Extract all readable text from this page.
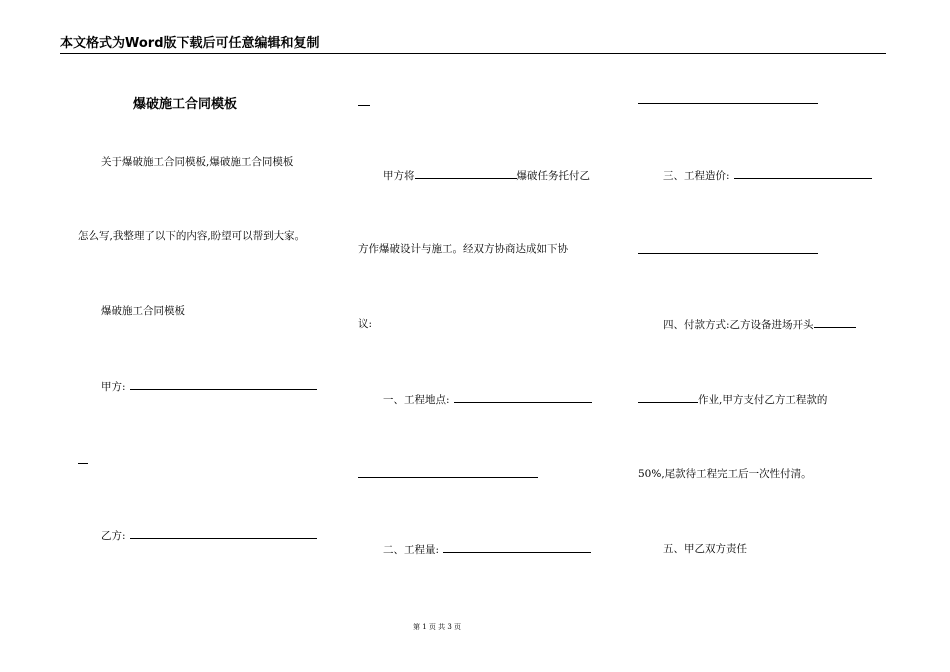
本文格式为Word版下载后可任意编辑和复制
爆破施工合同模板
关于爆破施工合同模板,爆破施工合同模板
怎么写,我整理了以下的内容,盼望可以帮到大家。
爆破施工合同模板
甲方:
乙方:
甲方将	爆破任务托付乙
方作爆破设计与施工。经双方协商达成如下协
议:
一、工程地点:
二、工程量:
三、工程造价:
四、付款方式:乙方设备进场开头
作业,甲方支付乙方工程款的
50%,尾款待工程完工后一次性付清。
五、甲乙双方责任
第 1 页 共 3 页
